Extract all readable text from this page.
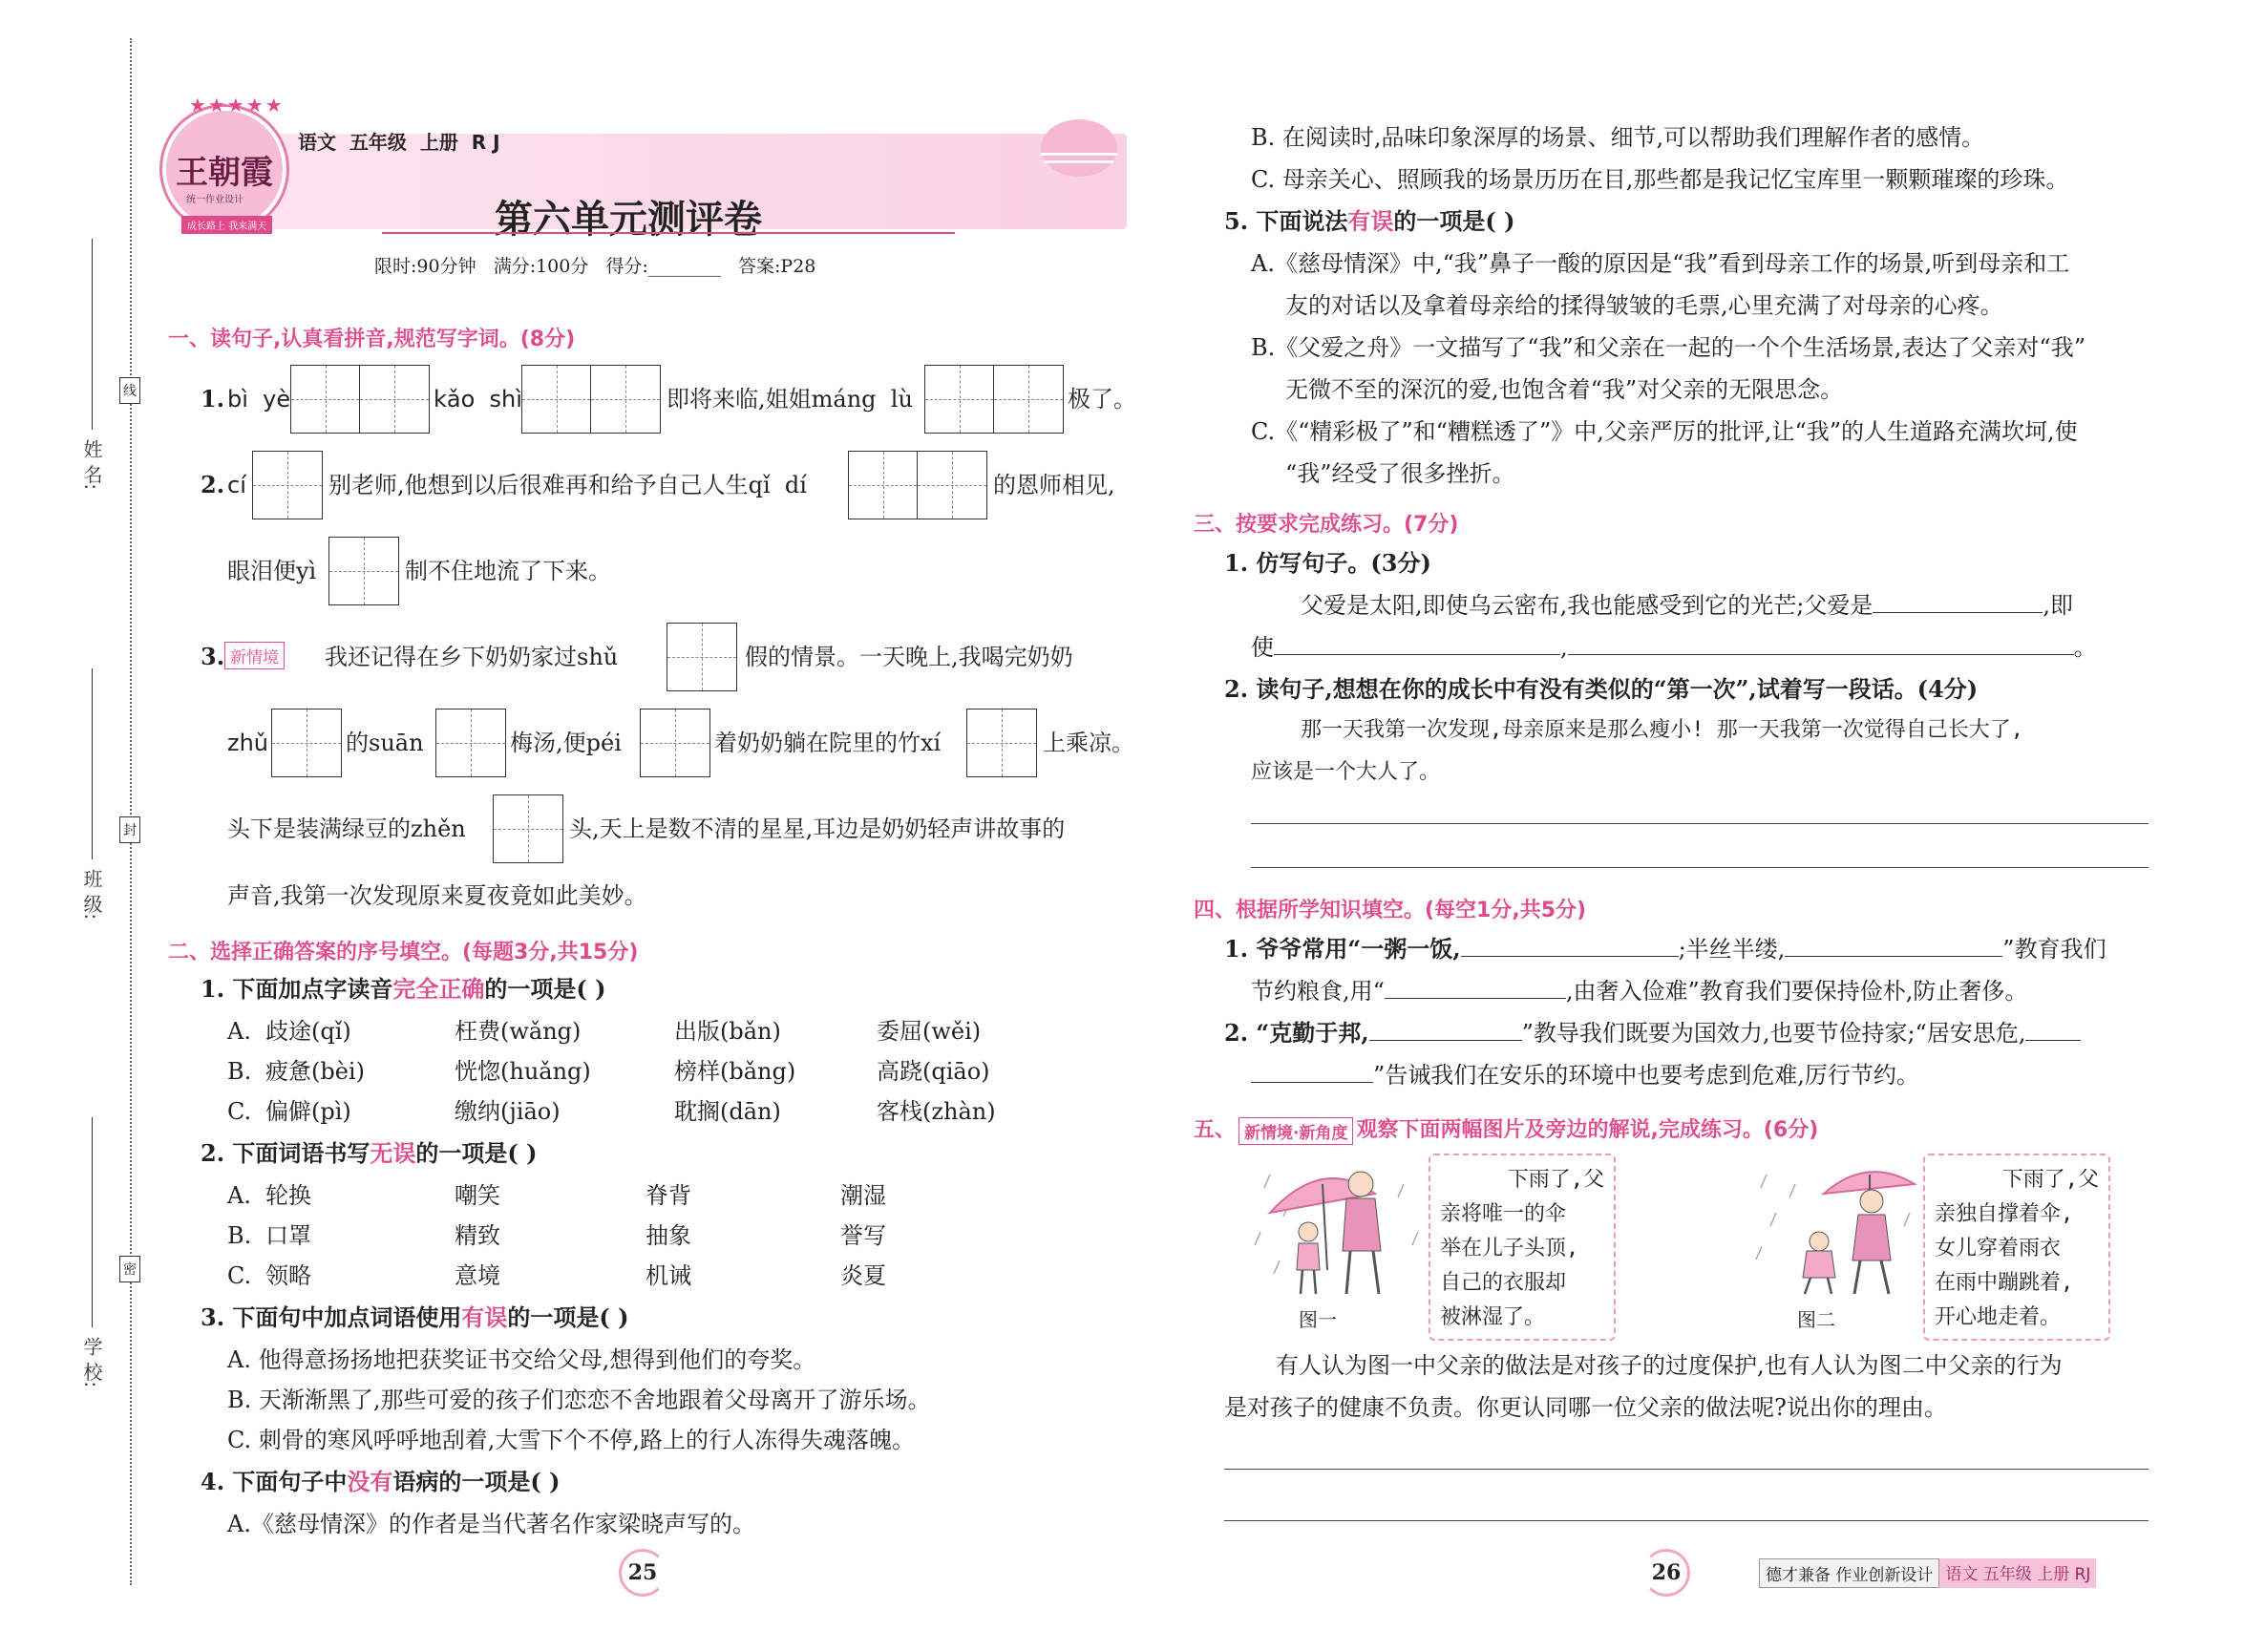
姓 名:
班 级:
学 校:
线
封
密
王朝霞
★★★★★
统一作业设计
成长路上 我来满天
语文  五年级  上册  R J
第六单元测评卷
限时:90分钟   满分:100分   得分:________   答案:P28
一、读句子,认真看拼音,规范写字词。(8分)
1. bì  yè	kǎo  shì	即将来临,姐姐máng  lù	极了。
2. cí	别老师,他想到以后很难再和给予自己人生qǐ  dí	的恩师相见,
眼泪便yì	制不住地流了下来。
3. 新情境	我还记得在乡下奶奶家过shǔ	假的情景。一天晚上,我喝完奶奶
zhǔ	的suān	梅汤,便péi	着奶奶躺在院里的竹xí	上乘凉。
头下是装满绿豆的zhěn	头,天上是数不清的星星,耳边是奶奶轻声讲故事的
声音,我第一次发现原来夏夜竟如此美妙。
二、选择正确答案的序号填空。(每题3分,共15分)
1. 下面加点字读音完全正确的一项是( )
A. 歧途(qǐ)	枉费(wǎng)	出版(bǎn)	委屈(wěi)
B. 疲惫(bèi)	恍惚(huǎng)	榜样(bǎng)	高跷(qiāo)
C. 偏僻(pì)	缴纳(jiāo)	耽搁(dān)	客栈(zhàn)
2. 下面词语书写无误的一项是( )
A. 轮换	嘲笑	脊背	潮湿
B. 口罩	精致	抽象	誉写
C. 领略	意境	机诫	炎夏
3. 下面句中加点词语使用有误的一项是( )
A. 他得意扬扬地把获奖证书交给父母,想得到他们的夸奖。
B. 天渐渐黑了,那些可爱的孩子们恋恋不舍地跟着父母离开了游乐场。
C. 刺骨的寒风呼呼地刮着,大雪下个不停,路上的行人冻得失魂落魄。
4. 下面句子中没有语病的一项是( )
A.《慈母情深》的作者是当代著名作家梁晓声写的。
25
B. 在阅读时,品味印象深厚的场景、细节,可以帮助我们理解作者的感情。
C. 母亲关心、照顾我的场景历历在目,那些都是我记忆宝库里一颗颗璀璨的珍珠。
5. 下面说法有误的一项是( )
A.《慈母情深》中,“我”鼻子一酸的原因是“我”看到母亲工作的场景,听到母亲和工
友的对话以及拿着母亲给的揉得皱皱的毛票,心里充满了对母亲的心疼。
B.《父爱之舟》一文描写了“我”和父亲在一起的一个个生活场景,表达了父亲对“我”
无微不至的深沉的爱,也饱含着“我”对父亲的无限思念。
C.《“精彩极了”和“糟糕透了”》中,父亲严厉的批评,让“我”的人生道路充满坎坷,使
“我”经受了很多挫折。
三、按要求完成练习。(7分)
1. 仿写句子。(3分)
父爱是太阳,即使乌云密布,我也能感受到它的光芒;父爱是	,即
使	,	。
2. 读句子,想想在你的成长中有没有类似的“第一次”,试着写一段话。(4分)
那一天我第一次发现,母亲原来是那么瘦小! 那一天我第一次觉得自己长大了,
应该是一个大人了。
四、根据所学知识填空。(每空1分,共5分)
1. 爷爷常用“一粥一饭,	;半丝半缕,	”教育我们
节约粮食,用“	,由奢入俭难”教育我们要保持俭朴,防止奢侈。
2. “克勤于邦,	”教导我们既要为国效力,也要节俭持家;“居安思危,
”告诫我们在安乐的环境中也要考虑到危难,厉行节约。
五、 新情境·新角度 观察下面两幅图片及旁边的解说,完成练习。(6分)
图一
下雨了,父
亲将唯一的伞
举在儿子头顶,
自己的衣服却
被淋湿了。	图二
下雨了,父
亲独自撑着伞,
女儿穿着雨衣
在雨中蹦跳着,
开心地走着。
有人认为图一中父亲的做法是对孩子的过度保护,也有人认为图二中父亲的行为
是对孩子的健康不负责。你更认同哪一位父亲的做法呢?说出你的理由。
26	德才兼备 作业创新设计 语文 五年级 上册 RJ
